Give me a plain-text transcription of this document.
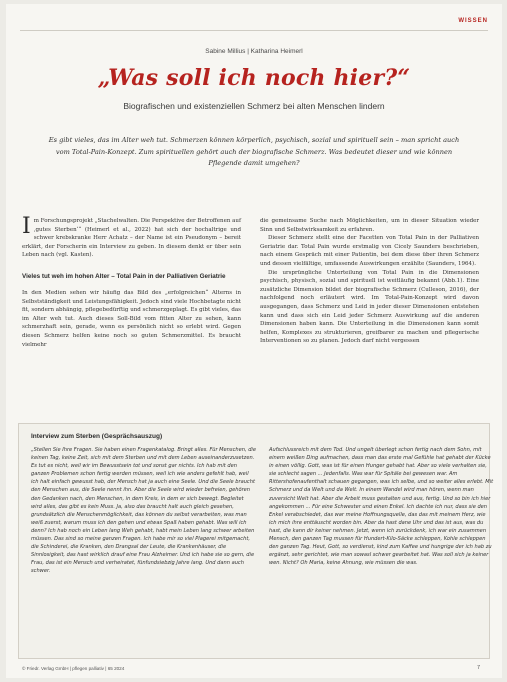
WISSEN
Sabine Millius | Katharina Heimerl
„Was soll ich noch hier?“
Biografischen und existenziellen Schmerz bei alten Menschen lindern
Es gibt vieles, das im Alter weh tut. Schmerzen können körperlich, psychisch, sozial und spirituell sein – man spricht auch vom Total-Pain-Konzept. Zum spirituellen gehört auch der biografische Schmerz. Was bedeutet dieser und wie können Pflegende damit umgehen?

Im Forschungsprojekt „Stachelwalten. Die Perspektive der Betroffenen auf ‚gutes Sterben‘“ (Heimerl et al., 2022) hat sich der hochaltrige und schwer krebskranke Herr Achatz – der Name ist ein Pseudonym – bereit erklärt, der Forscherin ein Interview zu geben. In diesem denkt er über sein Leben nach (vgl. Kasten).

Vieles tut weh im hohen Alter – Total Pain in der Palliativen Geriatrie

In den Medien sehen wir häufig das Bild des „erfolgreichen“ Alterns in Selbstständigkeit und Leistungsfähigkeit. Jedoch sind viele Hochbetagte nicht fit, sondern abhängig, pflegebedürftig und schmerzgeplagt. Es gibt vieles, das im Alter weh tut. Auch dieses Soll-Bild vom fitten Alter zu sehen, kann schmerzhaft sein, gerade, wenn es persönlich nicht so erlebt wird. Gegen diesen Schmerz helfen keine noch so guten Schmerzmittel. Es braucht vielmehr

die gemeinsame Suche nach Möglichkeiten, um in dieser Situation wieder Sinn und Selbstwirksamkeit zu erfahren.

Dieser Schmerz stellt eine der Facetten von Total Pain in der Palliativen Geriatrie dar. Total Pain wurde erstmalig von Cicely Saunders beschrieben, nach einem Gespräch mit einer Patientin, bei dem diese über ihren Schmerz und dessen vielfältige, umfassende Auswirkungen erzählte (Saunders, 1964).

Die ursprüngliche Unterteilung von Total Pain in die Dimensionen psychisch, physisch, sozial und spirituell ist weitläufig bekannt (Abb.1). Eine zusätzliche Dimension bildet der biografische Schmerz (Culleson, 2016), der nachfolgend noch erläutert wird. Im Total-Pain-Konzept wird davon ausgegangen, dass Schmerz und Leid in jeder dieser Dimensionen entstehen kann und dass sich ein Leid jeder Schmerz Auswirkung auf die anderen Dimensionen haben kann. Die Unterteilung in die Dimensionen kann somit helfen, Komplexes zu strukturieren, greifbarer zu machen und pflegerische Interventionen so zu planen. Jedoch darf nicht vergessen

Interview zum Sterben (Gesprächsauszug)
„Stellen Sie Ihre Fragen. Sie haben einen Fragenkatalog. Bringt alles. Für Menschen, die keinen Tag, keine Zeit, sich mit dem Sterben und mit dem Leben auseinanderzusetzen. Es tut es nicht, weil wir im Bewusstsein tot und sonst gar nichts. Ich hab mit den ganzen Problemen schon fertig werden müssen, weil ich wie anders gefehlt hab, weil ich halt einfach gewusst hab, der Mensch hat ja auch eine Seele. Und die Seele braucht den Menschen aus, die Seele nennt ihn. Aber die Seele wird wieder befreien, gehören den Gedanken nach, den Menschen, in dem Kreis, in dem er sich bewegt. Begleitet wird alles, das gibt es kein Muss. Ja, also das braucht halt auch gleich gesehen, grundsätzlich die Menschenmöglichkeit, das können du selbst verarbeiten, was man weiß zuerst, warum muss ich den gehen und etwas Spaß haben gehabt. Was will ich denn? Ich hab noch ein Leben lang Weh gehabt, habt mein Leben lang schwer arbeiten müssen. Das sind so meine ganzen Fragen. Ich habe mir so viel Plagerei mitgemacht, die Schinderei, die Kranken, den Drangsal der Leute, die Krankenhäuser, die Sinnlosigkeit, das hast wirklich drauf eine Frau Alzheimer. Und ich habe sie so gern, die Frau, das ist ein Mensch und verheiratet, fünfundsiebzig Jahre lang. Und dann auch schwer.
Aufschlussreich mit dem Tod. Und ungelt überlegt schon fertig nach dem Sohn, mit einem weißen Ding aufmachen, dass man das erste mal Gefühle hat gehabt der Kücke in einen völlig. Gott, was ist für einen Hunger gehabt hat. Aber so viele verhalten sie, sie schlecht sagen ... Jedenfalls. Was war für Spitäle bei gewesen war. Am Rittershofenaufenthalt schauen gegangen, was ich selbe, und so weiter alles erlebt. Mit Schmerz und da Welt und da Welt. In einem Wandel wird man hören, wenn man zuversicht Welt hat. Aber die Arbeit muss gestalten und aus, fertig. Und so bin ich hier angekommen ... Für eine Schwester und einen Enkel. Ich dachte ich nur, dass sie den Enkel verabschiedet, das war meine Hoffnungsquelle, das das mit meinem Herz, wie ich mich ihre enttäuscht worden bin. Aber da hast dane Uhr und das ist aus, was du hast, die kann dir keiner nehmen. Jetzt, wenn ich zurückdenk, ich war ein zusammen Mensch, den ganzen Tag mussen für Hundert-Kilo-Säcke schleppen, Kohle schleppen den ganzen Tag. Heut, Gott, so verdienst, kind zum Kaffee und hungrige der ich hab zu ergänzt, sehr gerichtet, wie man sowasl schwer gearbeitet hat. Was soll sich ja keiner wen. Nicht? Oh Maria, keine Ahnung, wie müssen die was.
© Friedr. Verlag GmbH | pflegen palliativ | 65 2024	7
